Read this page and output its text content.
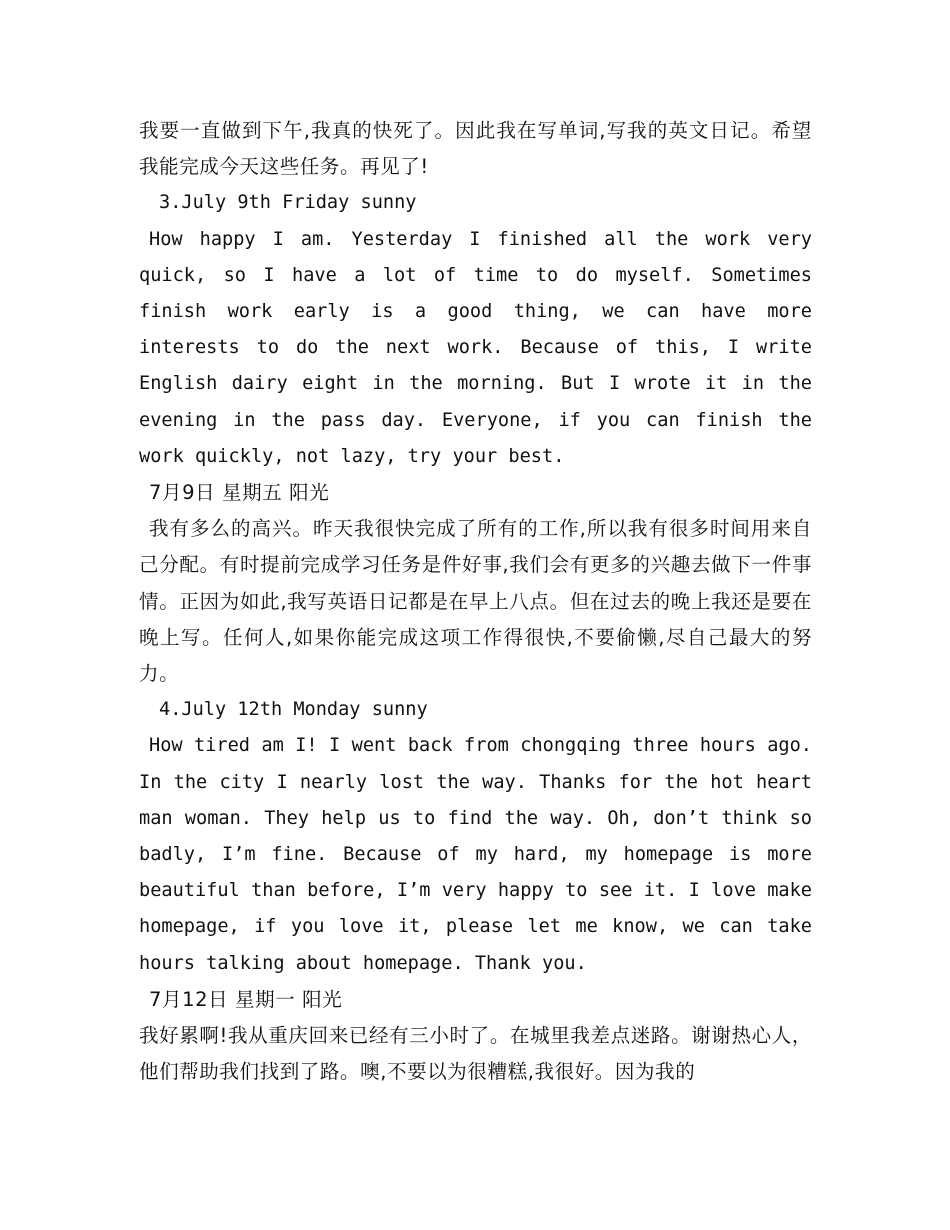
我要一直做到下午,我真的快死了。因此我在写单词,写我的英文日记。希望我能完成今天这些任务。再见了!

3.July 9th Friday sunny

How happy I am. Yesterday I finished all the work very quick, so I have a lot of time to do myself. Sometimes finish work early is a good thing, we can have more interests to do the next work. Because of this, I write English dairy eight in the morning. But I wrote it in the evening in the pass day. Everyone, if you can finish the work quickly, not lazy, try your best.

7月9日 星期五 阳光

我有多么的高兴。昨天我很快完成了所有的工作,所以我有很多时间用来自己分配。有时提前完成学习任务是件好事,我们会有更多的兴趣去做下一件事情。正因为如此,我写英语日记都是在早上八点。但在过去的晚上我还是要在晚上写。任何人,如果你能完成这项工作得很快,不要偷懒,尽自己最大的努力。

4.July 12th Monday sunny

How tired am I! I went back from chongqing three hours ago. In the city I nearly lost the way. Thanks for the hot heart man woman. They help us to find the way. Oh, don’t think so badly, I’m fine. Because of my hard, my homepage is more beautiful than before, I’m very happy to see it. I love make homepage, if you love it, please let me know, we can take hours talking about homepage. Thank you.

7月12日 星期一 阳光

我好累啊!我从重庆回来已经有三小时了。在城里我差点迷路。谢谢热心人，他们帮助我们找到了路。噢,不要以为很糟糕,我很好。因为我的
